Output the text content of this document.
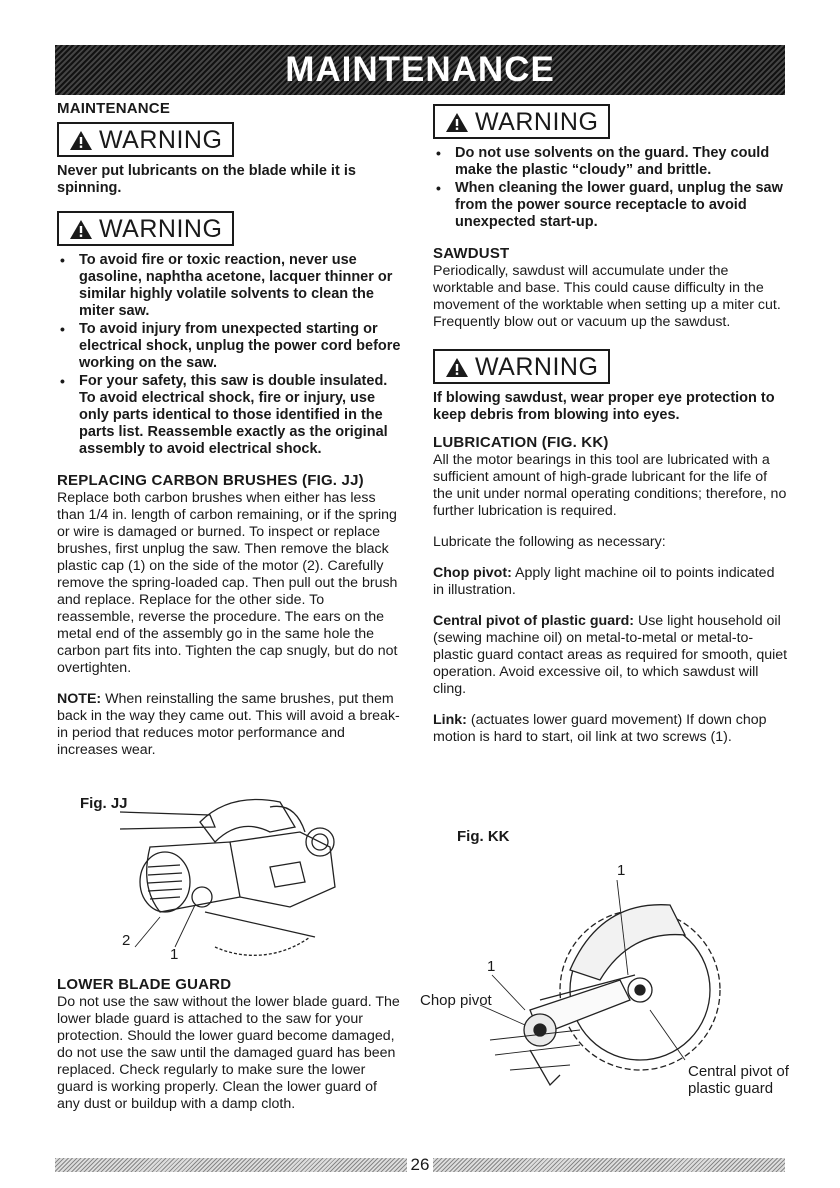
MAINTENANCE
MAINTENANCE
WARNING

Never put lubricants on the blade while it is spinning.

WARNING
• To avoid fire or toxic reaction, never use gasoline, naphtha acetone, lacquer thinner or similar highly volatile solvents to clean the miter saw.
• To avoid injury from unexpected starting or electrical shock, unplug the power cord before working on the saw.
• For your safety, this saw is double insulated. To avoid electrical shock, fire or injury, use only parts identical to those identified in the parts list. Reassemble exactly as the original assembly to avoid electrical shock.
REPLACING CARBON BRUSHES (FIG. JJ)

Replace both carbon brushes when either has less than 1/4 in. length of carbon remaining, or if the spring or wire is damaged or burned. To inspect or replace brushes, first unplug the saw. Then remove the black plastic cap (1) on the side of the motor (2). Carefully remove the spring-loaded cap. Then pull out the brush and replace. Replace for the other side. To reassemble, reverse the procedure. The ears on the metal end of the assembly go in the same hole the carbon part fits into. Tighten the cap snugly, but do not overtighten.

NOTE: When reinstalling the same brushes, put them back in the way they came out. This will avoid a break-in period that reduces motor performance and increases wear.

Fig. JJ
2
1
LOWER BLADE GUARD

Do not use the saw without the lower blade guard. The lower blade guard is attached to the saw for your protection. Should the lower guard become damaged, do not use the saw until the damaged guard has been replaced. Check regularly to make sure the lower guard is working properly. Clean the lower guard of any dust or buildup with a damp cloth.

WARNING
• Do not use solvents on the guard. They could make the plastic “cloudy” and brittle.
• When cleaning the lower guard, unplug the saw from the power source receptacle to avoid unexpected start-up.
SAWDUST

Periodically, sawdust will accumulate under the worktable and base. This could cause difficulty in the movement of the worktable when setting up a miter cut. Frequently blow out or vacuum up the sawdust.

WARNING

If blowing sawdust, wear proper eye protection to keep debris from blowing into eyes.

LUBRICATION (FIG. KK)

All the motor bearings in this tool are lubricated with a sufficient amount of high-grade lubricant for the life of the unit under normal operating conditions; therefore, no further lubrication is required.

Lubricate the following as necessary:

Chop pivot: Apply light machine oil to points indicated in illustration.

Central pivot of plastic guard: Use light household oil (sewing machine oil) on metal-to-metal or metal-to-plastic guard contact areas as required for smooth, quiet operation. Avoid excessive oil, to which sawdust will cling.

Link: (actuates lower guard movement) If down chop motion is hard to start, oil link at two screws (1).

Fig. KK
1
1
Chop pivot
Central pivot of plastic guard
26
